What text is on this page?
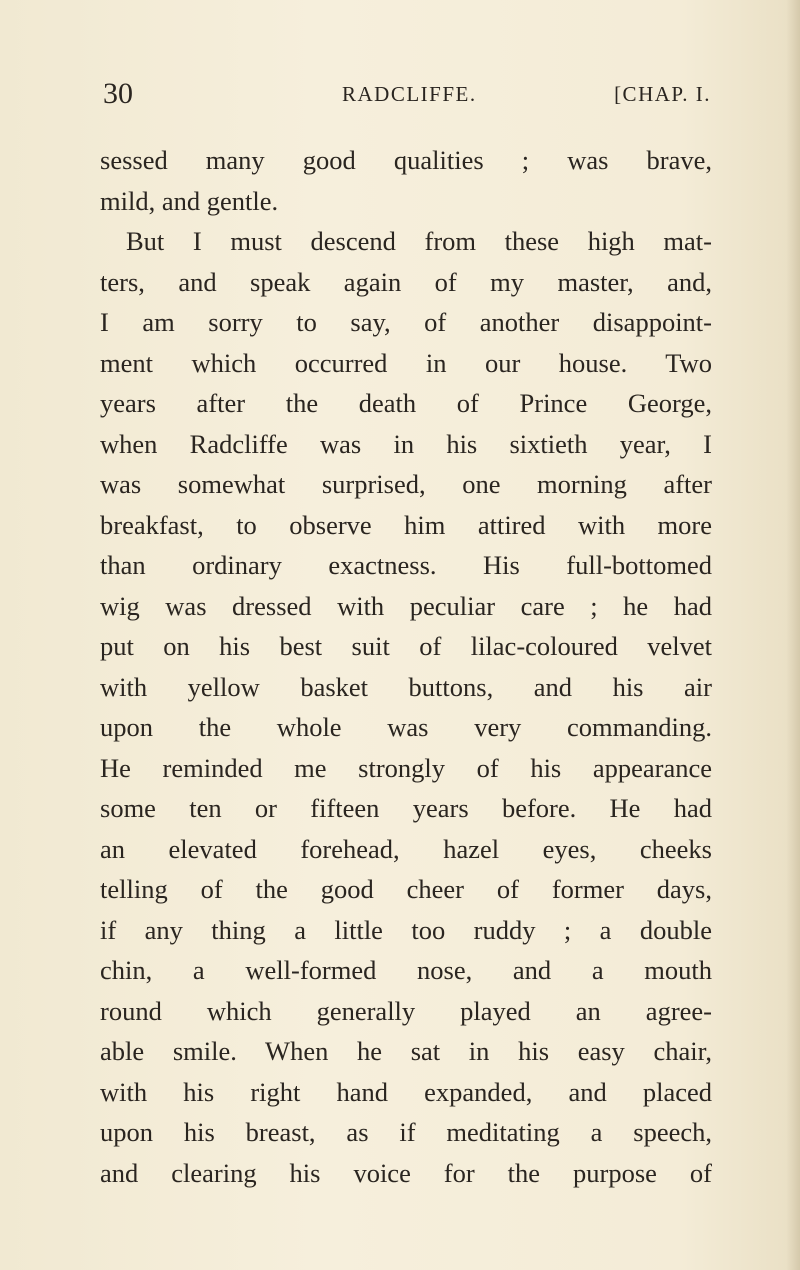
30	RADCLIFFE.	[CHAP. I.
sessed many good qualities ; was brave,
mild, and gentle.
But I must descend from these high mat-
ters, and speak again of my master, and,
I am sorry to say, of another disappoint-
ment which occurred in our house. Two
years after the death of Prince George,
when Radcliffe was in his sixtieth year, I
was somewhat surprised, one morning after
breakfast, to observe him attired with more
than ordinary exactness. His full-bottomed
wig was dressed with peculiar care ; he had
put on his best suit of lilac-coloured velvet
with yellow basket buttons, and his air
upon the whole was very commanding.
He reminded me strongly of his appearance
some ten or fifteen years before. He had
an elevated forehead, hazel eyes, cheeks
telling of the good cheer of former days,
if any thing a little too ruddy ; a double
chin, a well-formed nose, and a mouth
round which generally played an agree-
able smile. When he sat in his easy chair,
with his right hand expanded, and placed
upon his breast, as if meditating a speech,
and clearing his voice for the purpose of
